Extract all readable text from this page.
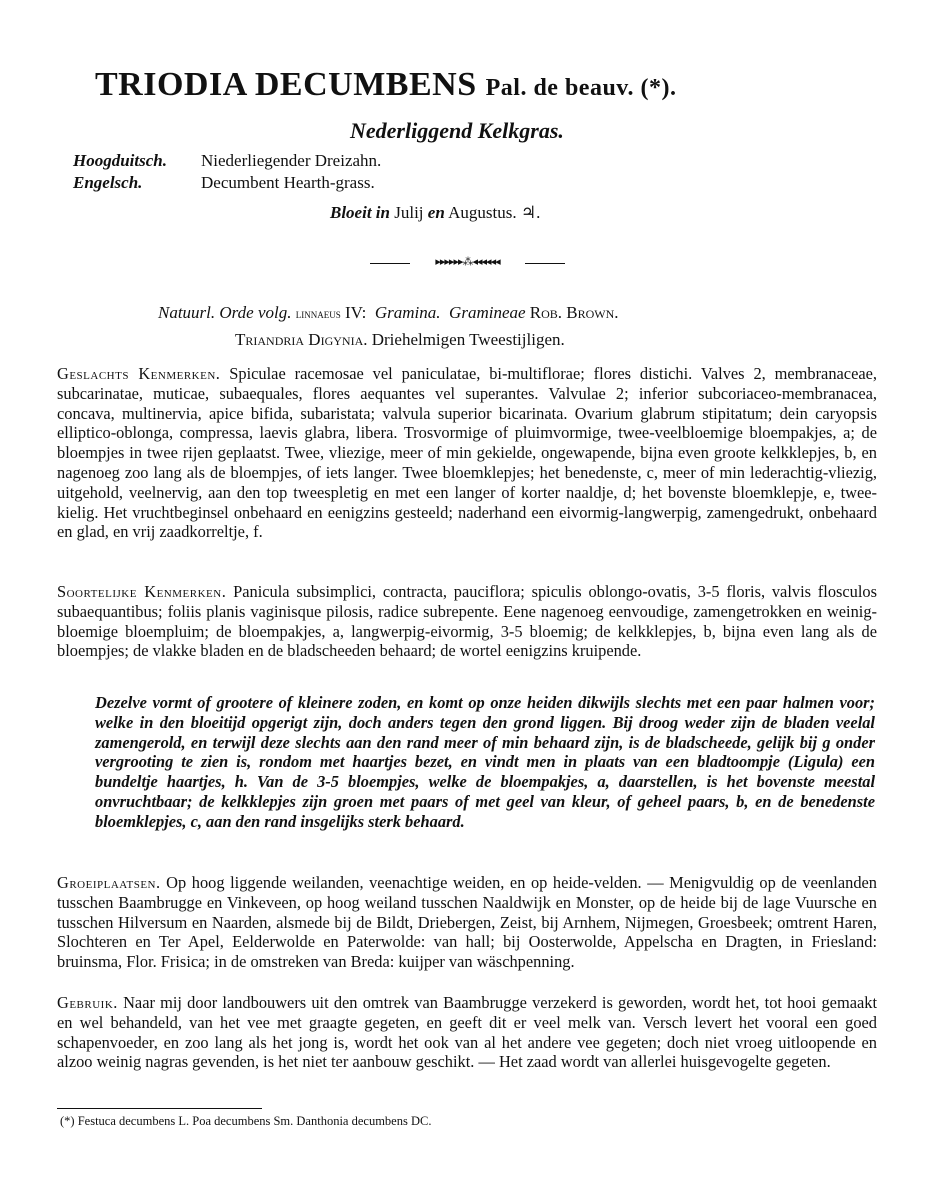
TRIODIA DECUMBENS Pal. de beauv. (*).
Nederliggend Kelkgras.
Hoogduitsch. Niederliegender Dreizahn.
Engelsch.	Decumbent Hearth-grass.
Bloeit in Julij en Augustus. ♃.
▸▸▸▸▸▸⁂◂◂◂◂◂◂
Natuurl. Orde volg. linnaeus IV: Gramina. Gramineae Rob. Brown.
Triandria Digynia. Driehelmigen Tweestijligen.
Geslachts Kenmerken. Spiculae racemosae vel paniculatae, bi-multiflorae; flores distichi. Valves 2, membranaceae, subcarinatae, muticae, subaequales, flores aequantes vel superantes. Valvulae 2; inferior subcoriaceo-membranacea, concava, multinervia, apice bifida, subaristata; valvula superior bicarinata. Ovarium glabrum stipitatum; dein caryopsis elliptico-oblonga, compressa, laevis glabra, libera. Trosvormige of pluimvormige, twee-veelbloemige bloempakjes, a; de bloempjes in twee rijen geplaatst. Twee, vliezige, meer of min gekielde, ongewapende, bijna even groote kelkklepjes, b, en nagenoeg zoo lang als de bloempjes, of iets langer. Twee bloemklepjes; het benedenste, c, meer of min lederachtig-vliezig, uitgehold, veelnervig, aan den top tweespletig en met een langer of korter naaldje, d; het bovenste bloemklepje, e, twee-kielig. Het vruchtbeginsel onbehaard en eenigzins gesteeld; naderhand een eivormig-langwerpig, zamengedrukt, onbehaard en glad, en vrij zaadkorreltje, f.
Soortelijke Kenmerken. Panicula subsimplici, contracta, pauciflora; spiculis oblongo-ovatis, 3-5 floris, valvis flosculos subaequantibus; foliis planis vaginisque pilosis, radice subrepente. Eene nagenoeg eenvoudige, zamengetrokken en weinig-bloemige bloempluim; de bloempakjes, a, langwerpig-eivormig, 3-5 bloemig; de kelkklepjes, b, bijna even lang als de bloempjes; de vlakke bladen en de bladscheeden behaard; de wortel eenigzins kruipende.
Dezelve vormt of grootere of kleinere zoden, en komt op onze heiden dikwijls slechts met een paar halmen voor; welke in den bloeitijd opgerigt zijn, doch anders tegen den grond liggen. Bij droog weder zijn de bladen veelal zamengerold, en terwijl deze slechts aan den rand meer of min behaard zijn, is de bladscheede, gelijk bij g onder vergrooting te zien is, rondom met haartjes bezet, en vindt men in plaats van een bladtoompje (Ligula) een bundeltje haartjes, h. Van de 3-5 bloempjes, welke de bloempakjes, a, daarstellen, is het bovenste meestal onvruchtbaar; de kelkklepjes zijn groen met paars of met geel van kleur, of geheel paars, b, en de benedenste bloemklepjes, c, aan den rand insgelijks sterk behaard.
Groeiplaatsen. Op hoog liggende weilanden, veenachtige weiden, en op heide-velden. — Menigvuldig op de veenlanden tusschen Baambrugge en Vinkeveen, op hoog weiland tusschen Naaldwijk en Monster, op de heide bij de lage Vuursche en tusschen Hilversum en Naarden, alsmede bij de Bildt, Driebergen, Zeist, bij Arnhem, Nijmegen, Groesbeek; omtrent Haren, Slochteren en Ter Apel, Eelderwolde en Paterwolde: van hall; bij Oosterwolde, Appelscha en Dragten, in Friesland: bruinsma, Flor. Frisica; in de omstreken van Breda: kuijper van wäschpenning.
Gebruik. Naar mij door landbouwers uit den omtrek van Baambrugge verzekerd is geworden, wordt het, tot hooi gemaakt en wel behandeld, van het vee met graagte gegeten, en geeft dit er veel melk van. Versch levert het vooral een goed schapenvoeder, en zoo lang als het jong is, wordt het ook van al het andere vee gegeten; doch niet vroeg uitloopende en alzoo weinig nagras gevenden, is het niet ter aanbouw geschikt. — Het zaad wordt van allerlei huisgevogelte gegeten.
(*) Festuca decumbens L. Poa decumbens Sm. Danthonia decumbens DC.
